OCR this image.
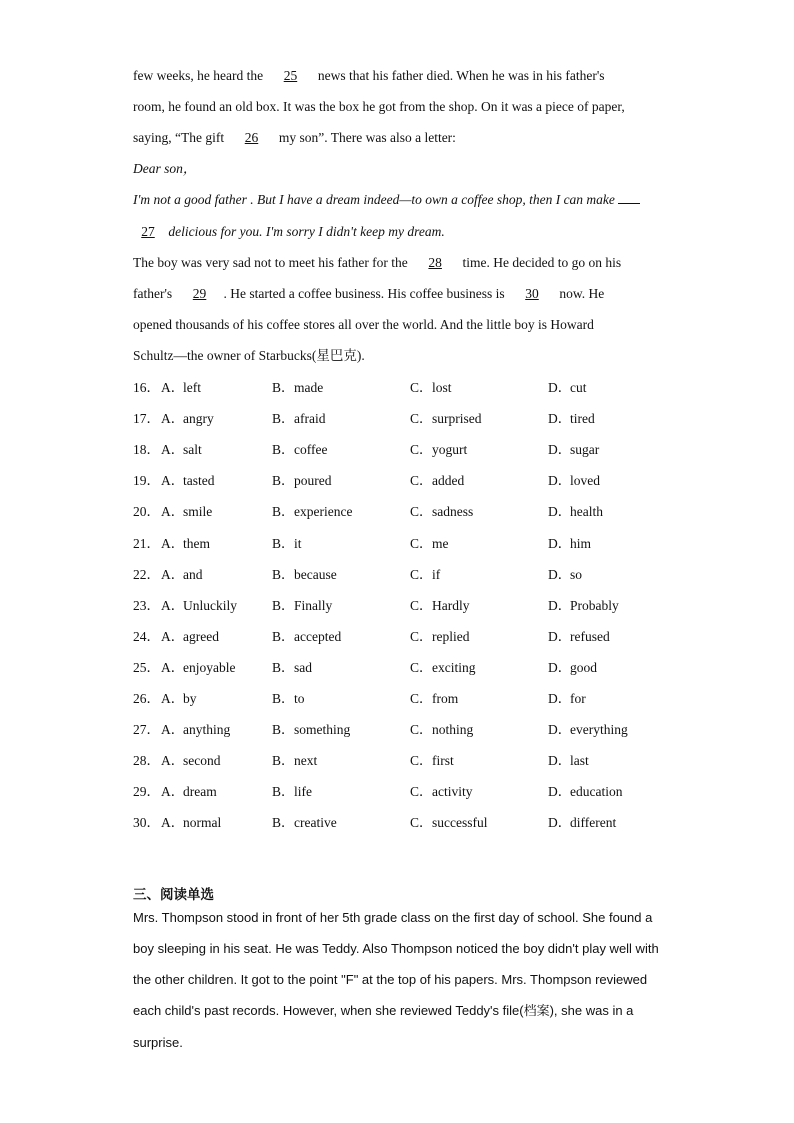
few weeks, he heard the 25 news that his father died. When he was in his father's
room, he found an old box. It was the box he got from the shop. On it was a piece of paper,
saying, “The gift 26 my son”. There was also a letter:
Dear son，
I'm not a good father . But I have a dream indeed—to own a coffee shop, then I can make
27 delicious for you. I'm sorry I didn't keep my dream.
The boy was very sad not to meet his father for the 28 time. He decided to go on his
father's 29 . He started a coffee business. His coffee business is 30 now. He
opened thousands of his coffee stores all over the world. And the little boy is Howard
Schultz—the owner of Starbucks(星巴克).
16． A．left	B．made	C．lost	D．cut
17． A．angry	B．afraid	C．surprised	D．tired
18． A．salt	B．coffee	C．yogurt	D．sugar
19． A．tasted	B．poured	C．added	D．loved
20． A．smile	B．experience	C．sadness	D．health
21． A．them	B．it	C．me	D．him
22． A．and	B．because	C．if	D．so
23． A．Unluckily	B．Finally	C．Hardly	D．Probably
24． A．agreed	B．accepted	C．replied	D．refused
25． A．enjoyable	B．sad	C．exciting	D．good
26． A．by	B．to	C．from	D．for
27． A．anything	B．something	C．nothing	D．everything
28． A．second	B．next	C．first	D．last
29． A．dream	B．life	C．activity	D．education
30． A．normal	B．creative	C．successful	D．different
三、阅读单选
Mrs. Thompson stood in front of her 5th grade class on the first day of school. She found a
boy sleeping in his seat. He was Teddy. Also Thompson noticed the boy didn't play well with
the other children. It got to the point "F" at the top of his papers. Mrs. Thompson reviewed
each child's past records. However, when she reviewed Teddy's file(档案), she was in a
surprise.
